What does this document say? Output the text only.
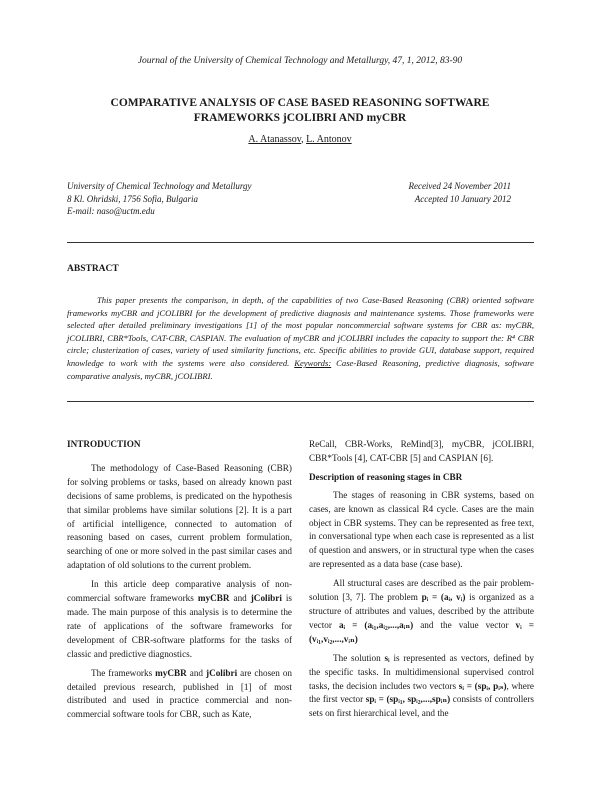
Journal of the University of Chemical Technology and Metallurgy, 47, 1, 2012, 83-90
COMPARATIVE ANALYSIS OF CASE BASED REASONING SOFTWARE
FRAMEWORKS jCOLIBRI AND myCBR
A. Atanassov, L. Antonov
University of Chemical Technology and Metallurgy
8 Kl. Ohridski, 1756 Sofia, Bulgaria
E-mail: naso@uctm.edu
Received 24 November 2011
Accepted 10 January 2012
ABSTRACT
This paper presents the comparison, in depth, of the capabilities of two Case-Based Reasoning (CBR) oriented software frameworks myCBR and jCOLIBRI for the development of predictive diagnosis and maintenance systems. Those frameworks were selected after detailed preliminary investigations [1] of the most popular noncommercial software systems for CBR as: myCBR, jCOLIBRI, CBR*Tools, CAT-CBR, CASPIAN. The evaluation of myCBR and jCOLIBRI includes the capacity to support the: R⁴ CBR circle; clusterization of cases, variety of used similarity functions, etc. Specific abilities to provide GUI, database support, required knowledge to work with the systems were also considered. Keywords: Case-Based Reasoning, predictive diagnosis, software comparative analysis, myCBR, jCOLIBRI.
INTRODUCTION

The methodology of Case-Based Reasoning (CBR) for solving problems or tasks, based on already known past decisions of same problems, is predicated on the hypothesis that similar problems have similar solutions [2]. It is a part of artificial intelligence, connected to automation of reasoning based on cases, current problem formulation, searching of one or more solved in the past similar cases and adaptation of old solutions to the current problem.

In this article deep comparative analysis of non-commercial software frameworks myCBR and jColibri is made. The main purpose of this analysis is to determine the rate of applications of the software frameworks for development of CBR-software platforms for the tasks of classic and predictive diagnostics.

The frameworks myCBR and jColibri are chosen on detailed previous research, published in [1] of most distributed and used in practice commercial and non-commercial software tools for CBR, such as Kate,

ReCall, CBR-Works, ReMind[3], myCBR, jCOLIBRI, CBR*Tools [4], CAT-CBR [5] and CASPIAN [6].

Description of reasoning stages in CBR

The stages of reasoning in CBR systems, based on cases, are known as classical R4 cycle. Cases are the main object in CBR systems. They can be represented as free text, in conversational type when each case is represented as a list of question and answers, or in structural type when the cases are represented as a data base (case base).

All structural cases are described as the pair problem-solution [3, 7]. The problem pᵢ = (aᵢ, vᵢ) is organized as a structure of attributes and values, described by the attribute vector aᵢ = (aᵢ₁,aᵢ₂,...,aᵢₙ) and the value vector vᵢ = (vᵢ₁,vᵢ₂,...,vᵢₙ)

The solution sᵢ is represented as vectors, defined by the specific tasks. In multidimensional supervised control tasks, the decision includes two vectors sᵢ = (spᵢ, pᵢₛ), where the first vector spᵢ = (spᵢ₁, spᵢ₂,...,spᵢₙ) consists of controllers sets on first hierarchical level, and the
